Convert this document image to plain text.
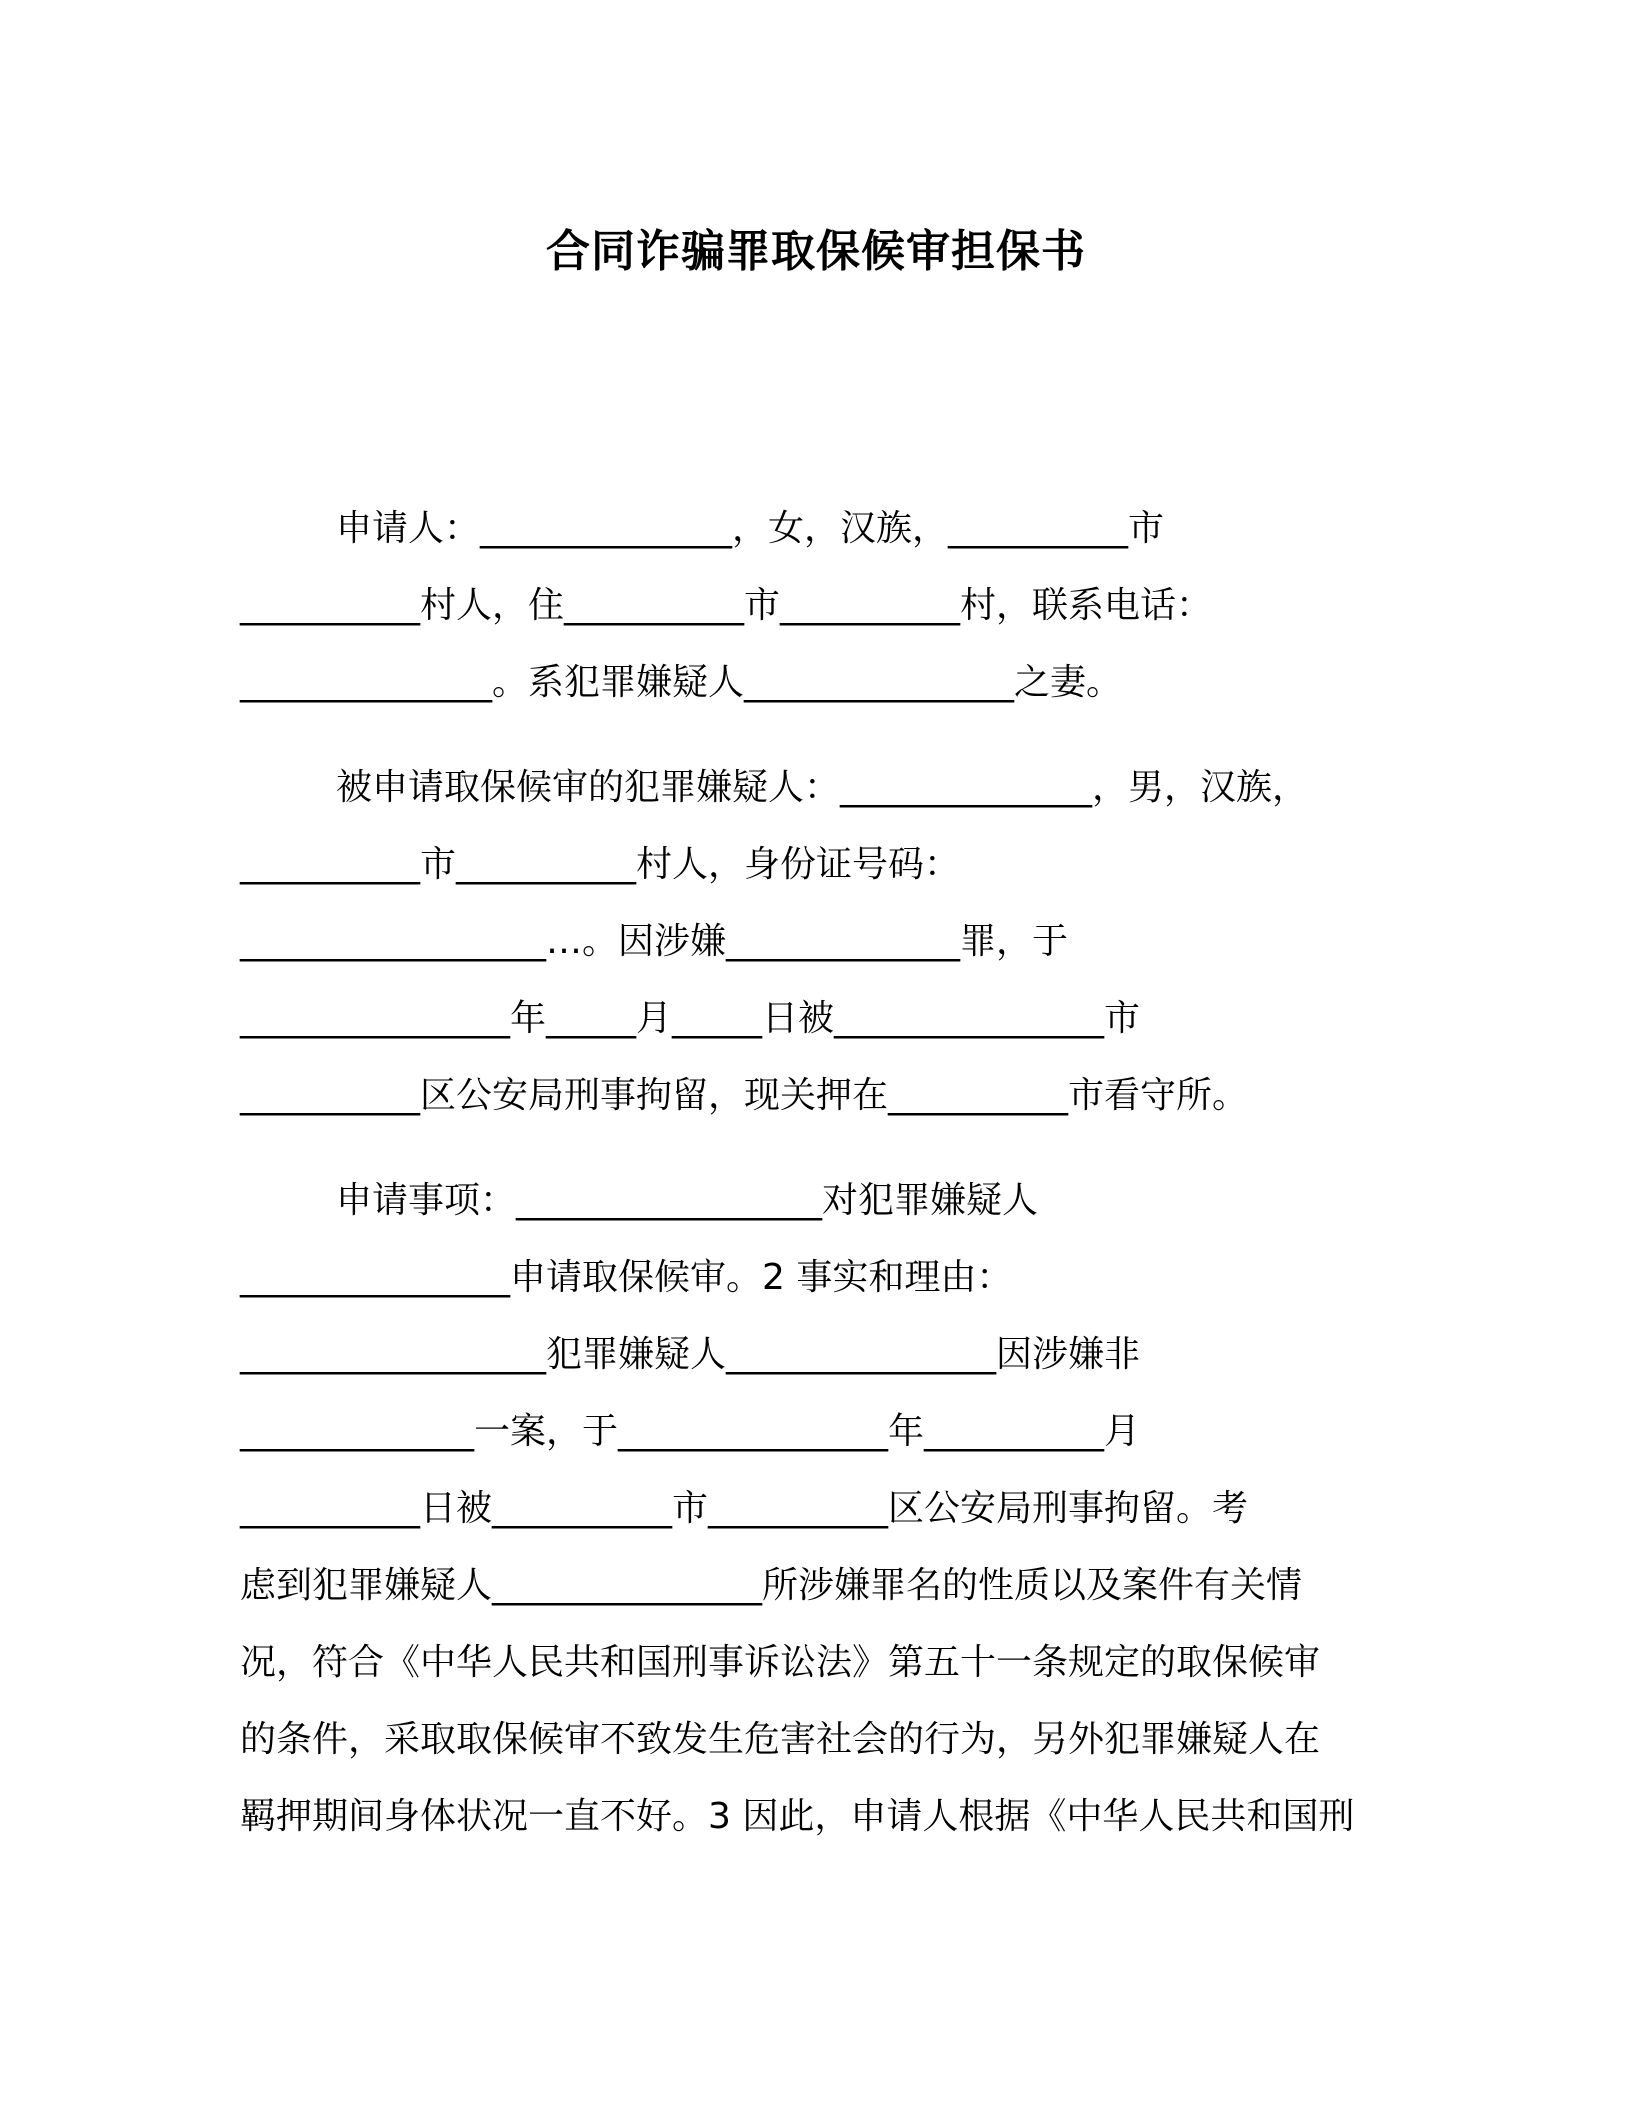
合同诈骗罪取保候审担保书
申请人：______________，女，汉族，__________市
__________村人，住__________市__________村，联系电话：
______________。系犯罪嫌疑人_______________之妻。
被申请取保候审的犯罪嫌疑人：______________，男，汉族，
__________市__________村人，身份证号码：
_________________…。因涉嫌_____________罪，于
_______________年_____月_____日被_______________市
__________区公安局刑事拘留，现关押在__________市看守所。
申请事项：_________________对犯罪嫌疑人
_______________申请取保候审。2 事实和理由：
_________________犯罪嫌疑人_______________因涉嫌非
_____________一案，于_______________年__________月
__________日被__________市__________区公安局刑事拘留。考
虑到犯罪嫌疑人_______________所涉嫌罪名的性质以及案件有关情
况，符合《中华人民共和国刑事诉讼法》第五十一条规定的取保候审
的条件，采取取保候审不致发生危害社会的行为，另外犯罪嫌疑人在
羁押期间身体状况一直不好。3 因此，申请人根据《中华人民共和国刑
